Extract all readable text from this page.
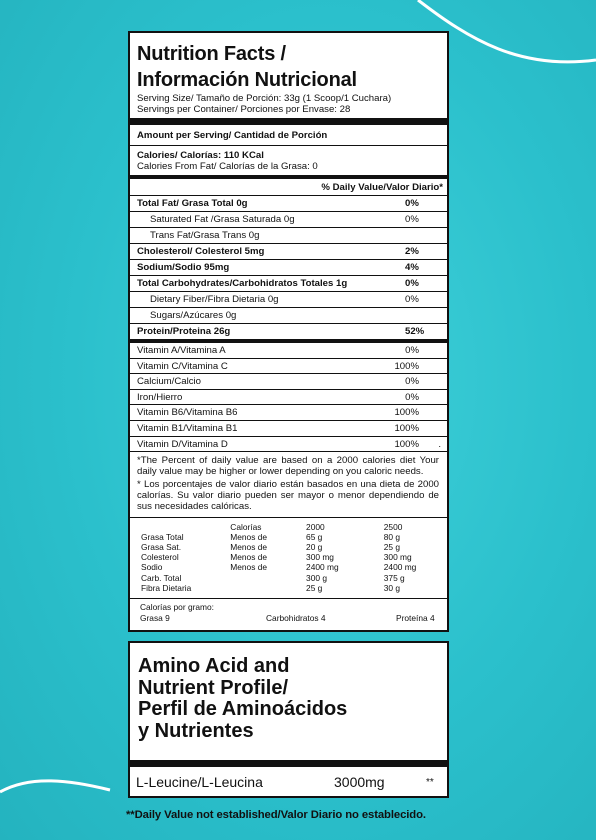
Nutrition Facts /
Información Nutricional
Serving Size/ Tamaño de Porción: 33g (1 Scoop/1 Cuchara)
Servings per Container/ Porciones por Envase: 28
Amount per Serving/ Cantidad de Porción
Calories/ Calorías: 110 KCal
Calories From Fat/ Calorías de la Grasa: 0
% Daily Value/Valor Diario*
Total Fat/ Grasa Total 0g	0%
Saturated Fat /Grasa Saturada 0g	0%
Trans Fat/Grasa Trans 0g
Cholesterol/ Colesterol 5mg	2%
Sodium/Sodio 95mg	4%
Total Carbohydrates/Carbohidratos Totales 1g	0%
Dietary Fiber/Fibra Dietaria 0g	0%
Sugars/Azúcares 0g
Protein/Proteina 26g	52%
Vitamin A/Vitamina A	0%
Vitamin C/Vitamina C	100%
Calcium/Calcio	0%
Iron/Hierro	0%
Vitamin B6/Vitamina B6	100%
Vitamin B1/Vitamina B1	100%
Vitamin D/Vitamina D	100% .
*The Percent of daily value are based on a 2000 calories diet Your daily value may be higher or lower depending on you caloric needs.
* Los porcentajes de valor diario están basados en una dieta de 2000 calorías. Su valor diario pueden ser mayor o menor dependiendo de sus necesidades calóricas.
	Calorías	2000	2500
Grasa Total	Menos de	65 g	80 g
Grasa Sat.	Menos de	20 g	25 g
Colesterol	Menos de	300 mg	300 mg
Sodio	Menos de	2400 mg	2400 mg
Carb. Total		300 g	375 g
Fibra Dietaria		25 g	30 g
Calorías por gramo:
Grasa 9	Carbohidratos 4	Proteína 4
Amino Acid and
Nutrient Profile/
Perfil de Aminoácidos
y Nutrientes
L-Leucine/L-Leucina	3000mg	**
**Daily Value not established/Valor Diario no establecido.
